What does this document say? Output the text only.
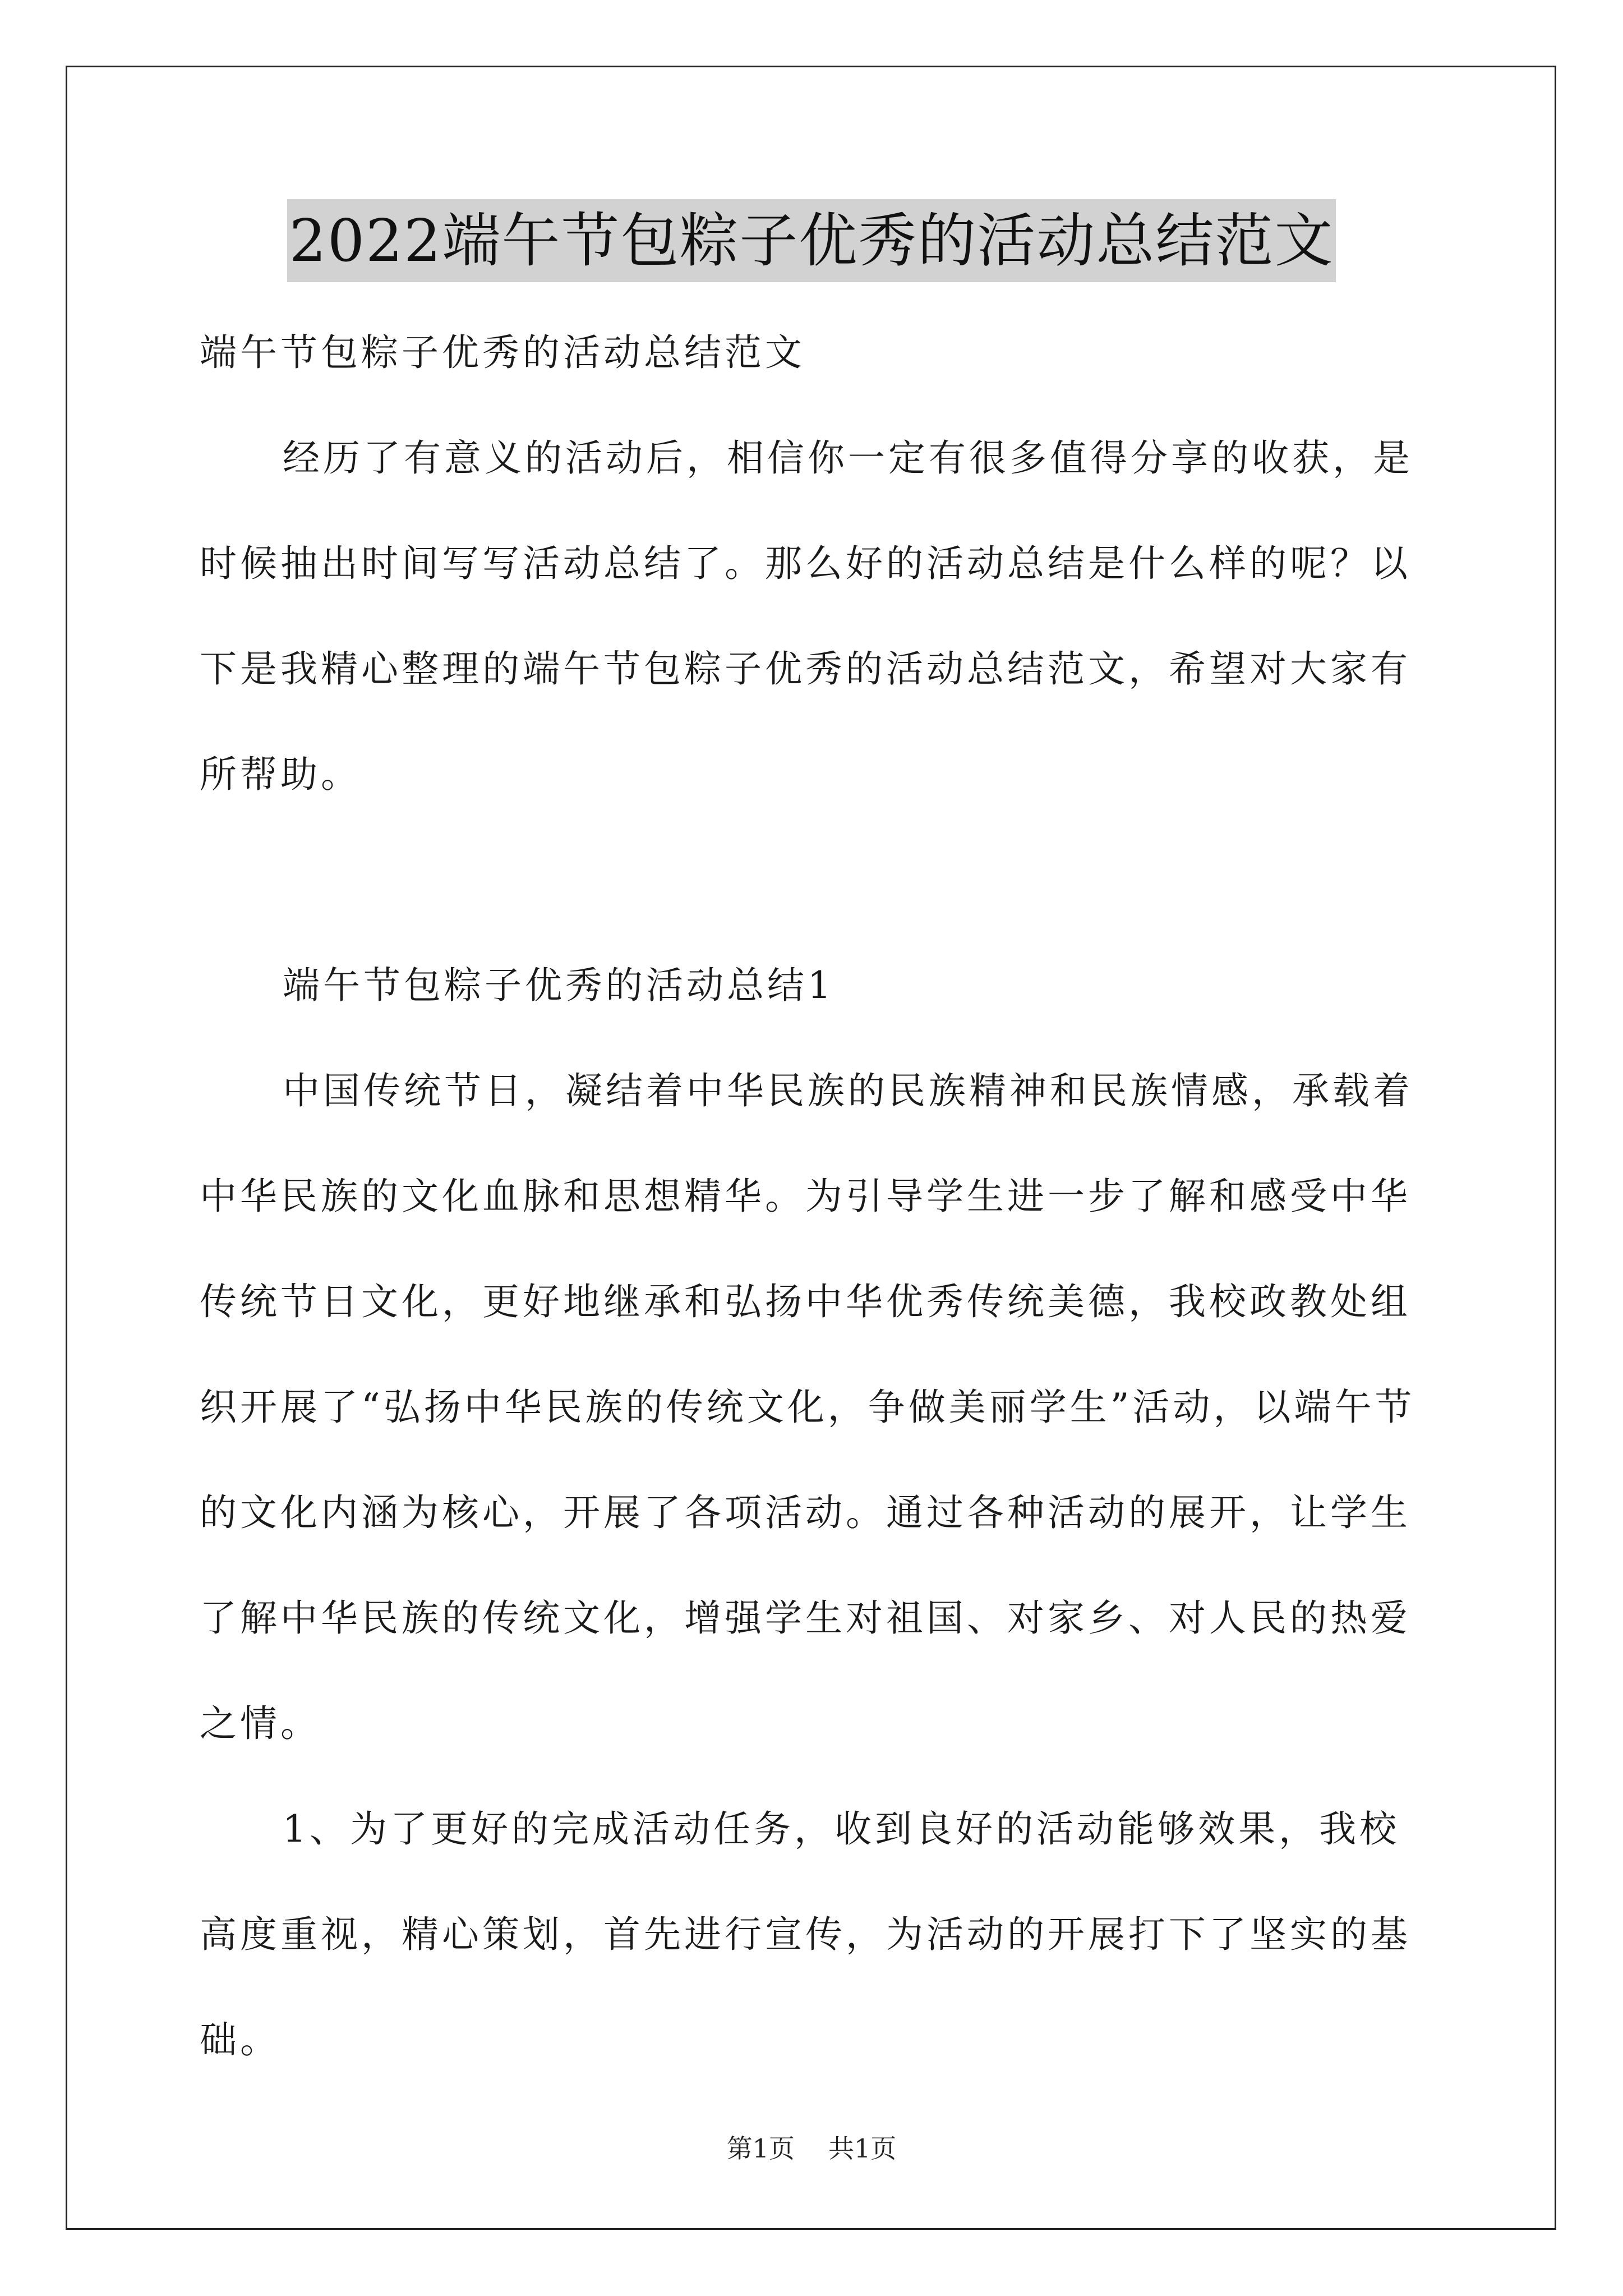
2022端午节包粽子优秀的活动总结范文

端午节包粽子优秀的活动总结范文

经历了有意义的活动后，相信你一定有很多值得分享的收获，是时候抽出时间写写活动总结了。那么好的活动总结是什么样的呢？以下是我精心整理的端午节包粽子优秀的活动总结范文，希望对大家有所帮助。

端午节包粽子优秀的活动总结1

中国传统节日，凝结着中华民族的民族精神和民族情感，承载着中华民族的文化血脉和思想精华。为引导学生进一步了解和感受中华传统节日文化，更好地继承和弘扬中华优秀传统美德，我校政教处组织开展了“弘扬中华民族的传统文化，争做美丽学生”活动，以端午节的文化内涵为核心，开展了各项活动。通过各种活动的展开，让学生了解中华民族的传统文化，增强学生对祖国、对家乡、对人民的热爱之情。

1、为了更好的完成活动任务，收到良好的活动能够效果，我校高度重视，精心策划，首先进行宣传，为活动的开展打下了坚实的基础。

第1页 共1页
